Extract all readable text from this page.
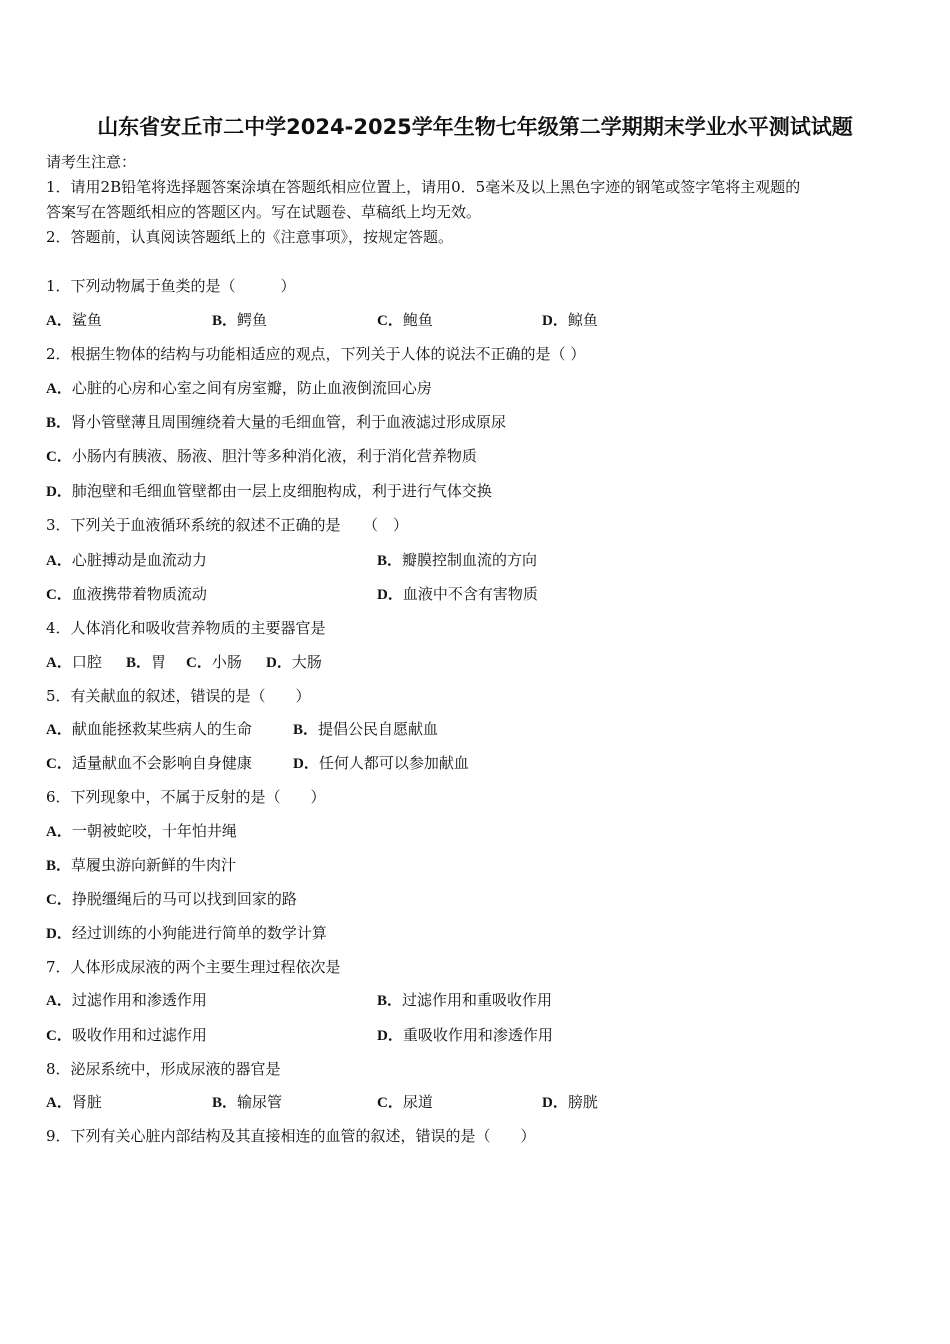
山东省安丘市二中学2024-2025学年生物七年级第二学期期末学业水平测试试题
请考生注意：
1．请用2B铅笔将选择题答案涂填在答题纸相应位置上，请用0．5毫米及以上黑色字迹的钢笔或签字笔将主观题的
答案写在答题纸相应的答题区内。写在试题卷、草稿纸上均无效。
2．答题前，认真阅读答题纸上的《注意事项》，按规定答题。
1．下列动物属于鱼类的是（　　　）
A．鲨鱼	B．鳄鱼	C．鲍鱼	D．鲸鱼
2．根据生物体的结构与功能相适应的观点，下列关于人体的说法不正确的是（ ）
A．心脏的心房和心室之间有房室瓣，防止血液倒流回心房
B．肾小管壁薄且周围缠绕着大量的毛细血管，利于血液滤过形成原尿
C．小肠内有胰液、肠液、胆汁等多种消化液，利于消化营养物质
D．肺泡壁和毛细血管壁都由一层上皮细胞构成，利于进行气体交换
3．下列关于血液循环系统的叙述不正确的是　　（　）
A．心脏搏动是血流动力	B．瓣膜控制血流的方向
C．血液携带着物质流动	D．血液中不含有害物质
4．人体消化和吸收营养物质的主要器官是
A．口腔 B．胃 C．小肠 D．大肠
5．有关献血的叙述，错误的是（　　）
A．献血能拯救某些病人的生命	B．提倡公民自愿献血
C．适量献血不会影响自身健康	D．任何人都可以参加献血
6．下列现象中，不属于反射的是（　　）
A．一朝被蛇咬，十年怕井绳
B．草履虫游向新鲜的牛肉汁
C．挣脱缰绳后的马可以找到回家的路
D．经过训练的小狗能进行简单的数学计算
7．人体形成尿液的两个主要生理过程依次是
A．过滤作用和渗透作用	B．过滤作用和重吸收作用
C．吸收作用和过滤作用	D．重吸收作用和渗透作用
8．泌尿系统中，形成尿液的器官是
A．肾脏	B．输尿管	C．尿道	D．膀胱
9．下列有关心脏内部结构及其直接相连的血管的叙述，错误的是（　　）
